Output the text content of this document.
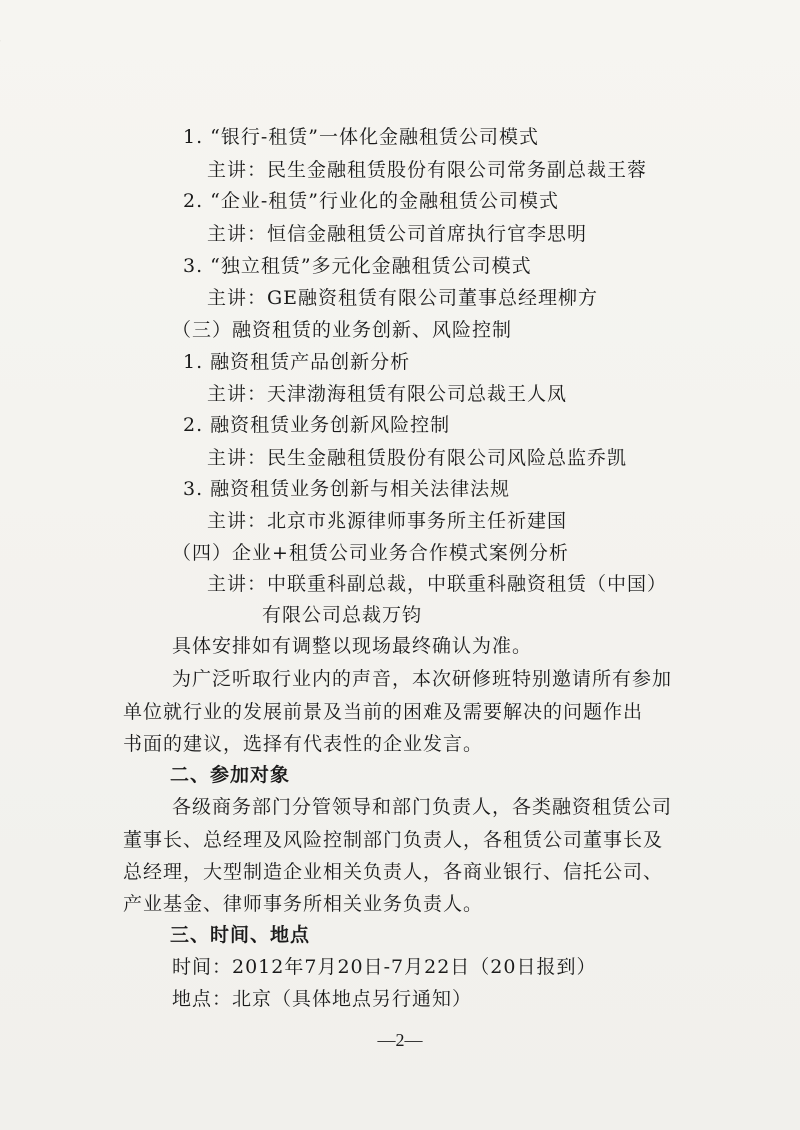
1. “银行-租赁”一体化金融租赁公司模式
主讲：民生金融租赁股份有限公司常务副总裁王蓉
2. “企业-租赁”行业化的金融租赁公司模式
主讲：恒信金融租赁公司首席执行官李思明
3. “独立租赁”多元化金融租赁公司模式
主讲：GE融资租赁有限公司董事总经理柳方
（三）融资租赁的业务创新、风险控制
1. 融资租赁产品创新分析
主讲：天津渤海租赁有限公司总裁王人凤
2. 融资租赁业务创新风险控制
主讲：民生金融租赁股份有限公司风险总监乔凯
3. 融资租赁业务创新与相关法律法规
主讲：北京市兆源律师事务所主任祈建国
（四）企业+租赁公司业务合作模式案例分析
主讲：中联重科副总裁，中联重科融资租赁（中国）
有限公司总裁万钧
具体安排如有调整以现场最终确认为准。
为广泛听取行业内的声音，本次研修班特别邀请所有参加
单位就行业的发展前景及当前的困难及需要解决的问题作出
书面的建议，选择有代表性的企业发言。
二、参加对象
各级商务部门分管领导和部门负责人，各类融资租赁公司
董事长、总经理及风险控制部门负责人，各租赁公司董事长及
总经理，大型制造企业相关负责人，各商业银行、信托公司、
产业基金、律师事务所相关业务负责人。
三、时间、地点
时间：2012年7月20日-7月22日（20日报到）
地点：北京（具体地点另行通知）
—2—
